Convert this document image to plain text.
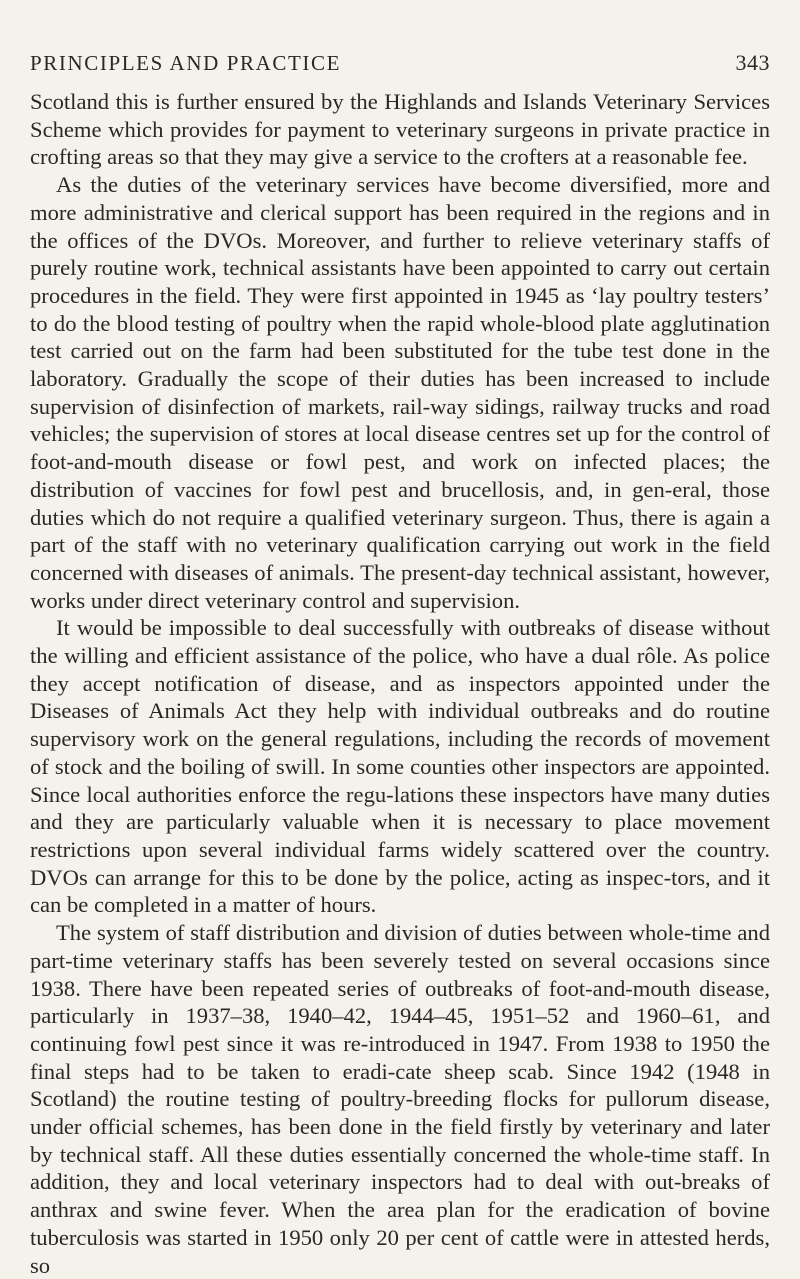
PRINCIPLES AND PRACTICE	343

Scotland this is further ensured by the Highlands and Islands Veterinary Services Scheme which provides for payment to veterinary surgeons in private practice in crofting areas so that they may give a service to the crofters at a reasonable fee.

As the duties of the veterinary services have become diversified, more and more administrative and clerical support has been required in the regions and in the offices of the DVOs. Moreover, and further to relieve veterinary staffs of purely routine work, technical assistants have been appointed to carry out certain procedures in the field. They were first appointed in 1945 as ‘lay poultry testers’ to do the blood testing of poultry when the rapid whole-blood plate agglutination test carried out on the farm had been substituted for the tube test done in the laboratory. Gradually the scope of their duties has been increased to include supervision of disinfection of markets, rail-way sidings, railway trucks and road vehicles; the supervision of stores at local disease centres set up for the control of foot-and-mouth disease or fowl pest, and work on infected places; the distribution of vaccines for fowl pest and brucellosis, and, in gen-eral, those duties which do not require a qualified veterinary surgeon. Thus, there is again a part of the staff with no veterinary qualification carrying out work in the field concerned with diseases of animals. The present-day technical assistant, however, works under direct veterinary control and supervision.

It would be impossible to deal successfully with outbreaks of disease without the willing and efficient assistance of the police, who have a dual rôle. As police they accept notification of disease, and as inspectors appointed under the Diseases of Animals Act they help with individual outbreaks and do routine supervisory work on the general regulations, including the records of movement of stock and the boiling of swill. In some counties other inspectors are appointed. Since local authorities enforce the regu-lations these inspectors have many duties and they are particularly valuable when it is necessary to place movement restrictions upon several individual farms widely scattered over the country. DVOs can arrange for this to be done by the police, acting as inspec-tors, and it can be completed in a matter of hours.

The system of staff distribution and division of duties between whole-time and part-time veterinary staffs has been severely tested on several occasions since 1938. There have been repeated series of outbreaks of foot-and-mouth disease, particularly in 1937–38, 1940–42, 1944–45, 1951–52 and 1960–61, and continuing fowl pest since it was re-introduced in 1947. From 1938 to 1950 the final steps had to be taken to eradi-cate sheep scab. Since 1942 (1948 in Scotland) the routine testing of poultry-breeding flocks for pullorum disease, under official schemes, has been done in the field firstly by veterinary and later by technical staff. All these duties essentially concerned the whole-time staff. In addition, they and local veterinary inspectors had to deal with out-breaks of anthrax and swine fever. When the area plan for the eradication of bovine tuberculosis was started in 1950 only 20 per cent of cattle were in attested herds, so
